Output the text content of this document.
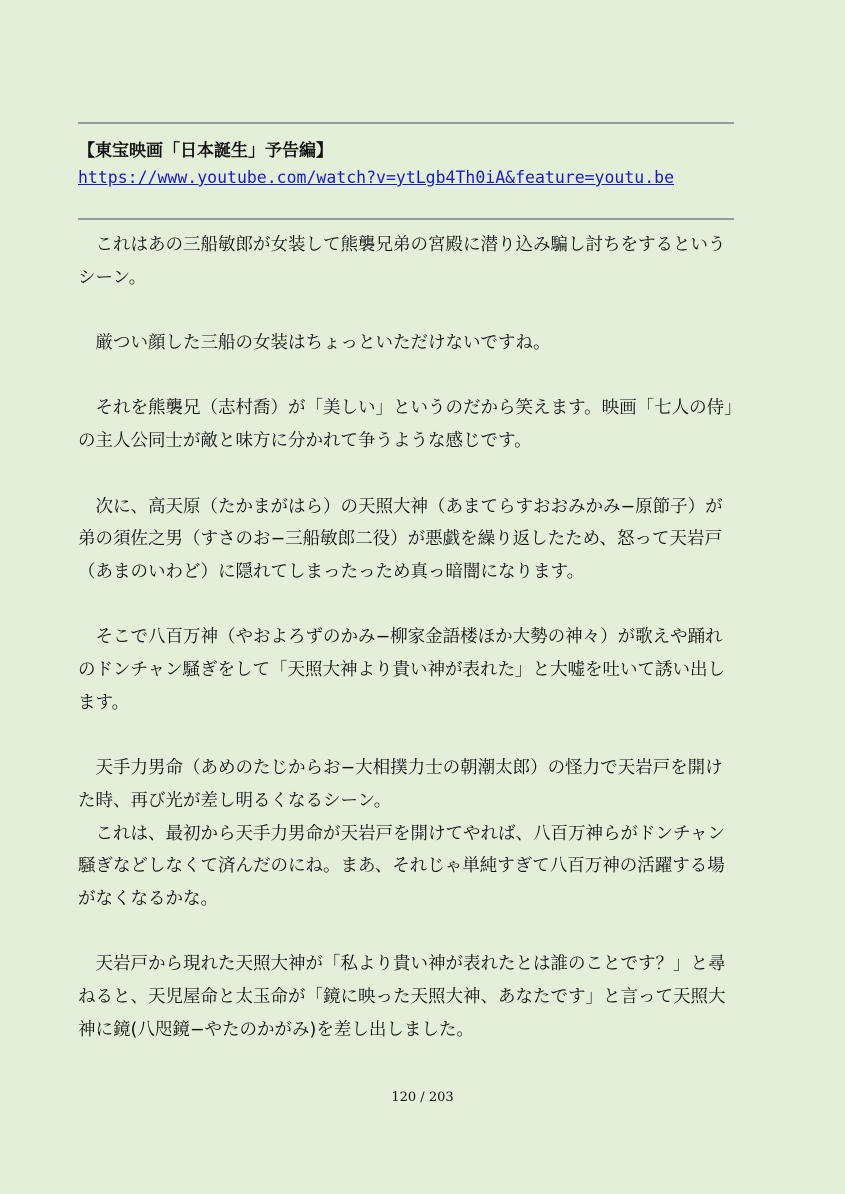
【東宝映画「日本誕生」予告編】
https://www.youtube.com/watch?v=ytLgb4Th0iA&feature=youtu.be

これはあの三船敏郎が女装して熊襲兄弟の宮殿に潜り込み騙し討ちをするというシーン。

厳つい顔した三船の女装はちょっといただけないですね。

それを熊襲兄（志村喬）が「美しい」というのだから笑えます。映画「七人の侍」の主人公同士が敵と味方に分かれて争うような感じです。

次に、高天原（たかまがはら）の天照大神（あまてらすおおみかみ−原節子）が弟の須佐之男（すさのお−三船敏郎二役）が悪戯を繰り返したため、怒って天岩戸（あまのいわど）に隠れてしまったっため真っ暗闇になります。

そこで八百万神（やおよろずのかみ−柳家金語楼ほか大勢の神々）が歌えや踊れのドンチャン騒ぎをして「天照大神より貴い神が表れた」と大嘘を吐いて誘い出します。

天手力男命（あめのたじからお−大相撲力士の朝潮太郎）の怪力で天岩戸を開けた時、再び光が差し明るくなるシーン。

これは、最初から天手力男命が天岩戸を開けてやれば、八百万神らがドンチャン騒ぎなどしなくて済んだのにね。まあ、それじゃ単純すぎて八百万神の活躍する場がなくなるかな。

天岩戸から現れた天照大神が「私より貴い神が表れたとは誰のことです？」と尋ねると、天児屋命と太玉命が「鏡に映った天照大神、あなたです」と言って天照大神に鏡(八咫鏡−やたのかがみ)を差し出しました。

120 / 203
